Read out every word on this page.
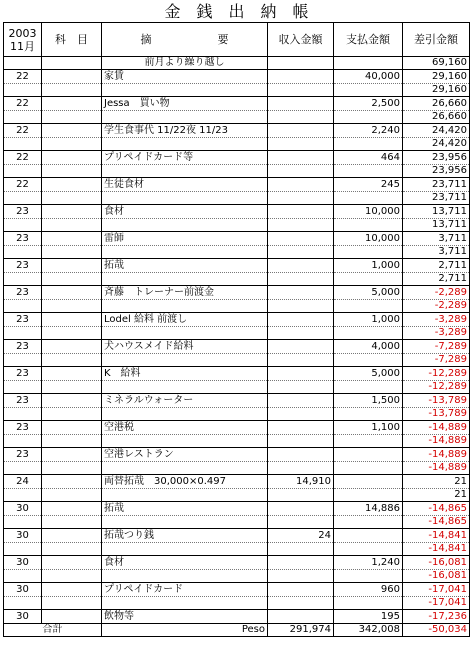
金　銭　出　納　帳
2003
11月	科　目	摘　　　　　　要	収入金額	支払金額	差引金額
		前月より繰り越し			69,160
22		家賃		40,000	29,160
					29,160
22		Jessa　買い物		2,500	26,660
					26,660
22		学生食事代 11/22夜 11/23		2,240	24,420
					24,420
22		プリペイドカード等		464	23,956
					23,956
22		生徒食材		245	23,711
					23,711
23		食材		10,000	13,711
					13,711
23		雷師		10,000	3,711
					3,711
23		拓哉		1,000	2,711
					2,711
23		斉藤　トレーナー前渡金		5,000	-2,289
					-2,289
23		Lodel 給料 前渡し		1,000	-3,289
					-3,289
23		犬ハウスメイド給料		4,000	-7,289
					-7,289
23		K　給料		5,000	-12,289
					-12,289
23		ミネラルウォーター		1,500	-13,789
					-13,789
23		空港税		1,100	-14,889
					-14,889
23		空港レストラン			-14,889
					-14,889
24		両替拓哉　30,000×0.497	14,910		21
					21
30		拓哉		14,886	-14,865
					-14,865
30		拓哉つり銭	24		-14,841
					-14,841
30		食材		1,240	-16,081
					-16,081
30		プリペイドカード		960	-17,041
					-17,041
30		飲物等		195	-17,236
合計		Peso	291,974	342,008	-50,034
